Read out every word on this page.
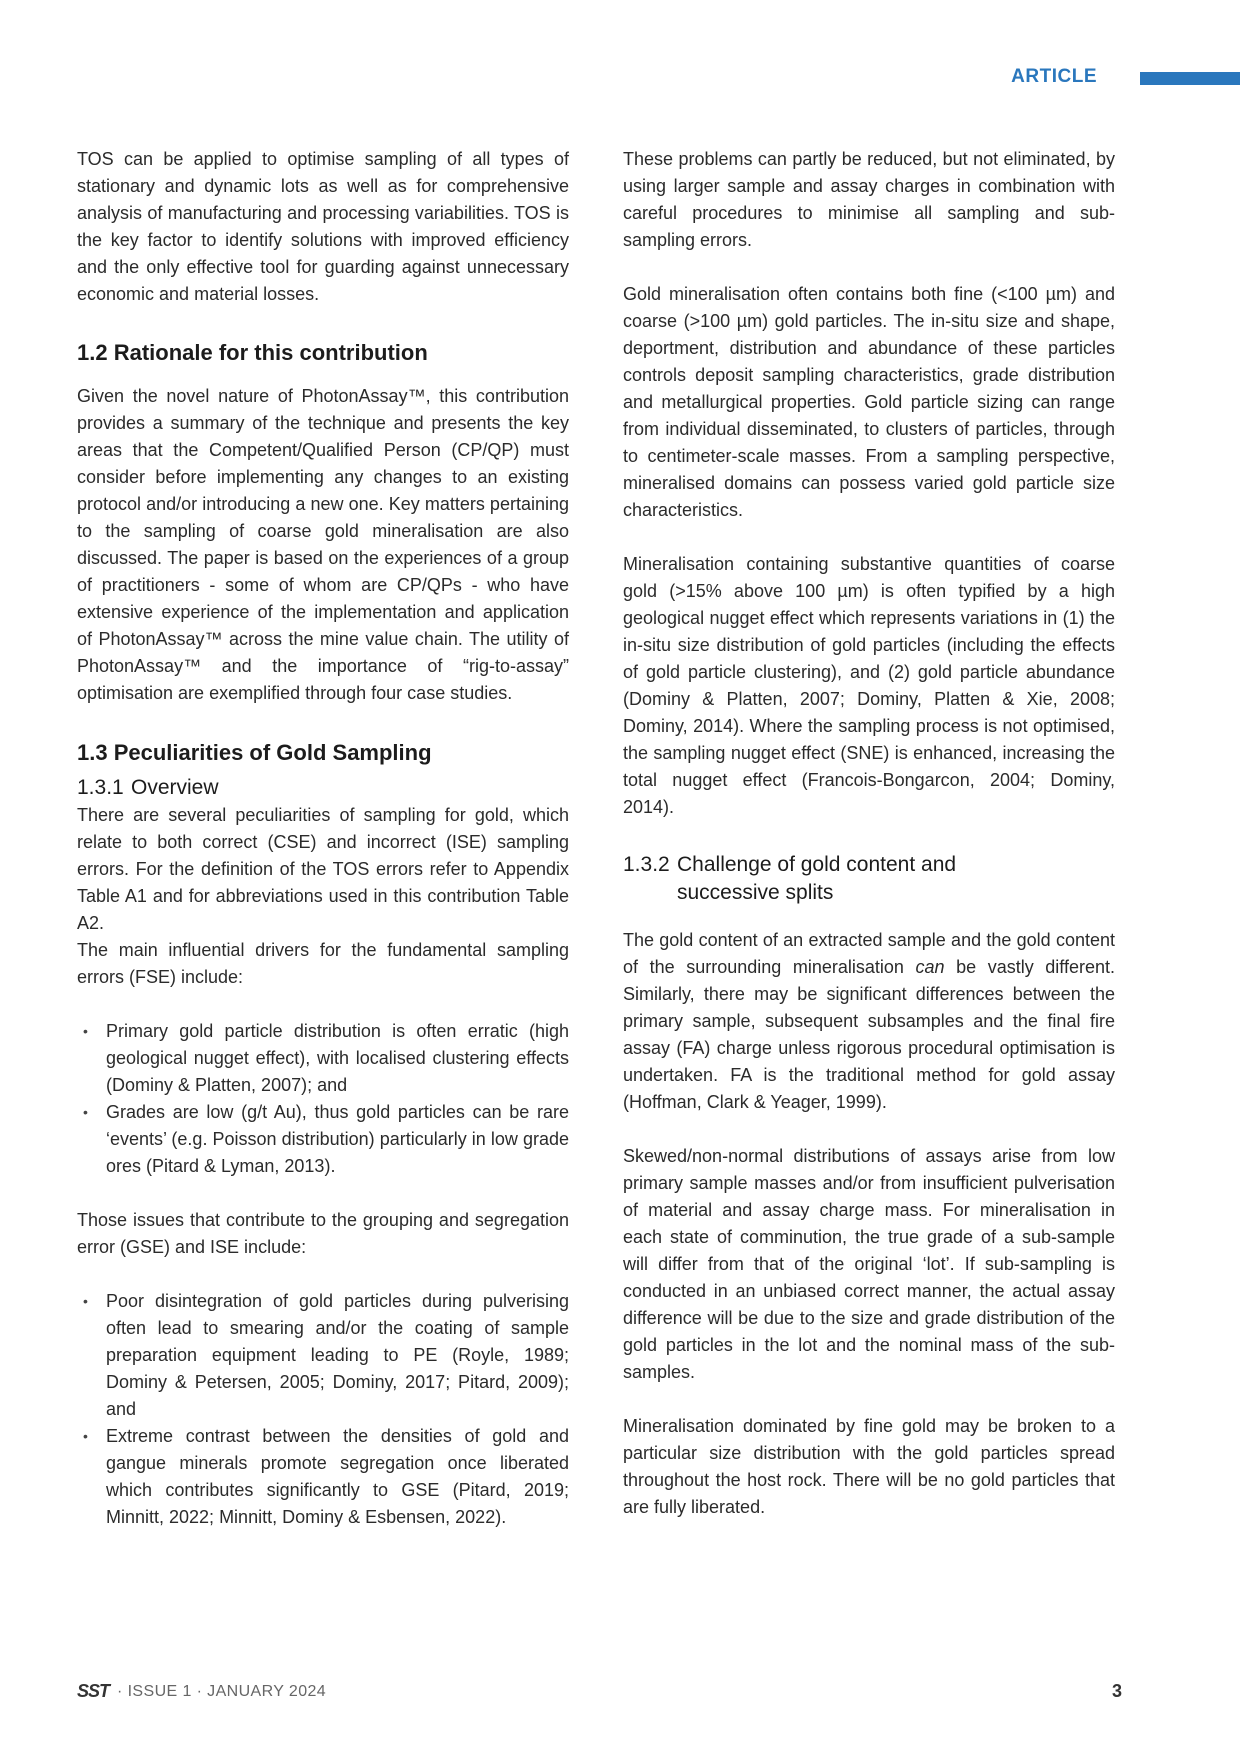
ARTICLE

TOS can be applied to optimise sampling of all types of stationary and dynamic lots as well as for comprehensive analysis of manufacturing and processing variabilities. TOS is the key factor to identify solutions with improved efficiency and the only effective tool for guarding against unnecessary economic and material losses.

1.2 Rationale for this contribution

Given the novel nature of PhotonAssay™, this contribution provides a summary of the technique and presents the key areas that the Competent/Qualified Person (CP/QP) must consider before implementing any changes to an existing protocol and/or introducing a new one. Key matters pertaining to the sampling of coarse gold mineralisation are also discussed. The paper is based on the experiences of a group of practitioners - some of whom are CP/QPs - who have extensive experience of the implementation and application of PhotonAssay™ across the mine value chain. The utility of PhotonAssay™ and the importance of “rig-to-assay” optimisation are exemplified through four case studies.

1.3 Peculiarities of Gold Sampling
1.3.1 Overview

There are several peculiarities of sampling for gold, which relate to both correct (CSE) and incorrect (ISE) sampling errors. For the definition of the TOS errors refer to Appendix Table A1 and for abbreviations used in this contribution Table A2.

The main influential drivers for the fundamental sampling errors (FSE) include:

• Primary gold particle distribution is often erratic (high geological nugget effect), with localised clustering effects (Dominy & Platten, 2007); and
• Grades are low (g/t Au), thus gold particles can be rare ‘events’ (e.g. Poisson distribution) particularly in low grade ores (Pitard & Lyman, 2013).

Those issues that contribute to the grouping and segregation error (GSE) and ISE include:

• Poor disintegration of gold particles during pulverising often lead to smearing and/or the coating of sample preparation equipment leading to PE (Royle, 1989; Dominy & Petersen, 2005; Dominy, 2017; Pitard, 2009); and
• Extreme contrast between the densities of gold and gangue minerals promote segregation once liberated which contributes significantly to GSE (Pitard, 2019; Minnitt, 2022; Minnitt, Dominy & Esbensen, 2022).

These problems can partly be reduced, but not eliminated, by using larger sample and assay charges in combination with careful procedures to minimise all sampling and sub-sampling errors.

Gold mineralisation often contains both fine (<100 µm) and coarse (>100 µm) gold particles. The in-situ size and shape, deportment, distribution and abundance of these particles controls deposit sampling characteristics, grade distribution and metallurgical properties. Gold particle sizing can range from individual disseminated, to clusters of particles, through to centimeter-scale masses. From a sampling perspective, mineralised domains can possess varied gold particle size characteristics.

Mineralisation containing substantive quantities of coarse gold (>15% above 100 µm) is often typified by a high geological nugget effect which represents variations in (1) the in-situ size distribution of gold particles (including the effects of gold particle clustering), and (2) gold particle abundance (Dominy & Platten, 2007; Dominy, Platten & Xie, 2008; Dominy, 2014). Where the sampling process is not optimised, the sampling nugget effect (SNE) is enhanced, increasing the total nugget effect (Francois-Bongarcon, 2004; Dominy, 2014).

1.3.2 Challenge of gold content and successive splits

The gold content of an extracted sample and the gold content of the surrounding mineralisation can be vastly different. Similarly, there may be significant differences between the primary sample, subsequent subsamples and the final fire assay (FA) charge unless rigorous procedural optimisation is undertaken. FA is the traditional method for gold assay (Hoffman, Clark & Yeager, 1999).

Skewed/non-normal distributions of assays arise from low primary sample masses and/or from insufficient pulverisation of material and assay charge mass. For mineralisation in each state of comminution, the true grade of a sub-sample will differ from that of the original ‘lot’. If sub-sampling is conducted in an unbiased correct manner, the actual assay difference will be due to the size and grade distribution of the gold particles in the lot and the nominal mass of the sub-samples.

Mineralisation dominated by fine gold may be broken to a particular size distribution with the gold particles spread throughout the host rock. There will be no gold particles that are fully liberated.

SST · ISSUE 1 · JANUARY 2024	3
